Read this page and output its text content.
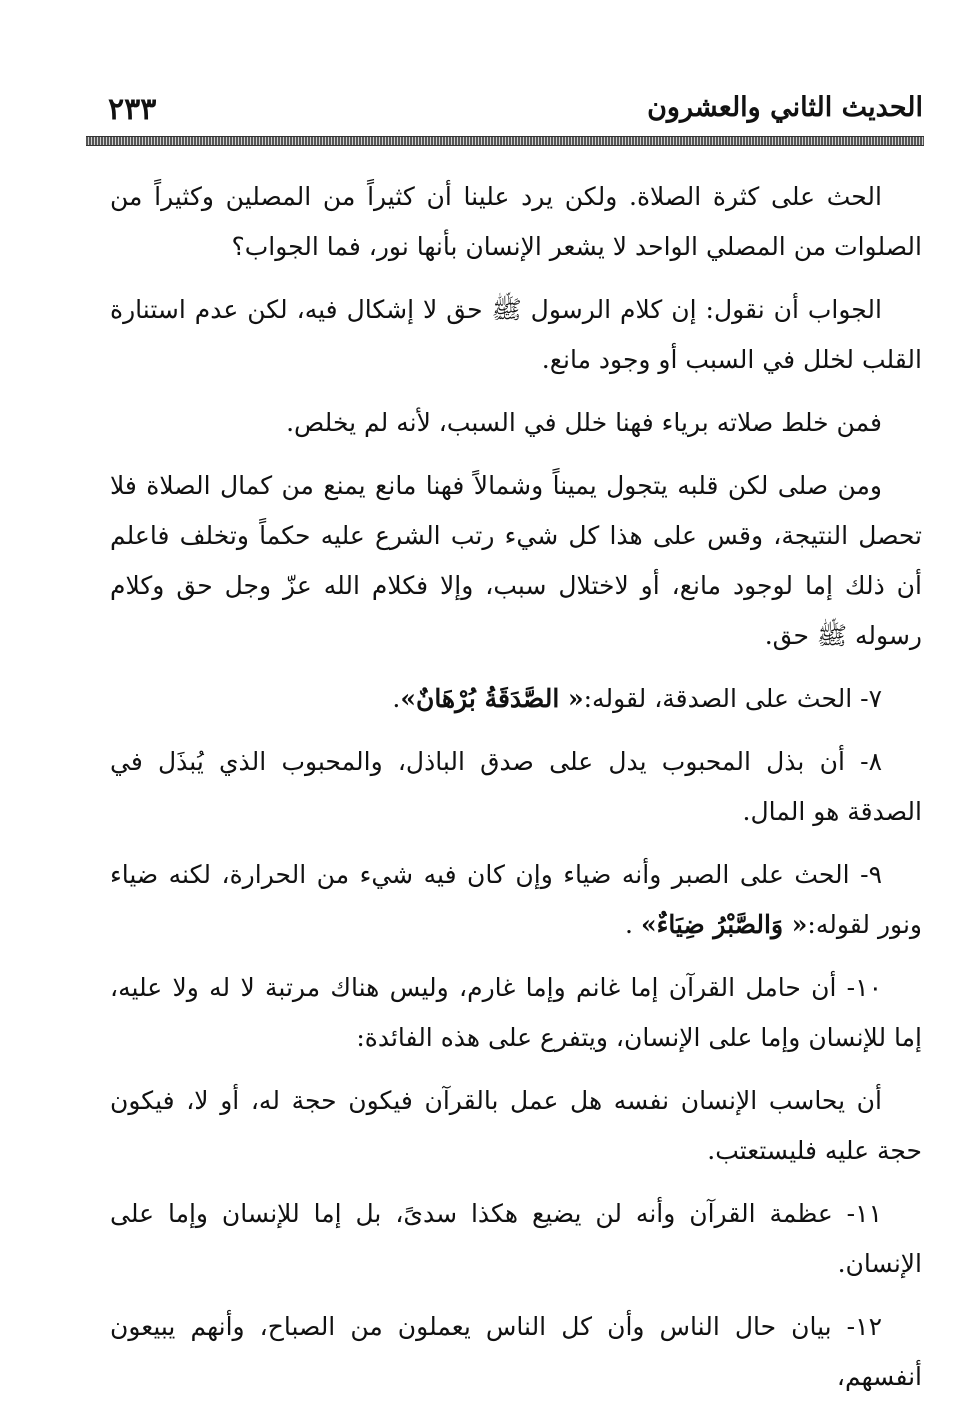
الحديث الثاني والعشرون
٢٣٣

الحث على كثرة الصلاة. ولكن يرد علينا أن كثيراً من المصلين وكثيراً من الصلوات من المصلي الواحد لا يشعر الإنسان بأنها نور، فما الجواب؟

الجواب أن نقول: إن كلام الرسول ﷺ حق لا إشكال فيه، لكن عدم استنارة القلب لخلل في السبب أو وجود مانع.

فمن خلط صلاته برياء فهنا خلل في السبب، لأنه لم يخلص.

ومن صلى لكن قلبه يتجول يميناً وشمالاً فهنا مانع يمنع من كمال الصلاة فلا تحصل النتيجة، وقس على هذا كل شيء رتب الشرع عليه حكماً وتخلف فاعلم أن ذلك إما لوجود مانع، أو لاختلال سبب، وإلا فكلام الله عزّ وجل حق وكلام رسوله ﷺ حق.

٧- الحث على الصدقة، لقوله:« الصَّدَقَةُ بُرْهَانٌ».

٨- أن بذل المحبوب يدل على صدق الباذل، والمحبوب الذي يُبذَل في الصدقة هو المال.

٩- الحث على الصبر وأنه ضياء وإن كان فيه شيء من الحرارة، لكنه ضياء ونور لقوله:« وَالصَّبْرُ ضِيَاءٌ» .

١٠- أن حامل القرآن إما غانم وإما غارم، وليس هناك مرتبة لا له ولا عليه، إما للإنسان وإما على الإنسان، ويتفرع على هذه الفائدة:

أن يحاسب الإنسان نفسه هل عمل بالقرآن فيكون حجة له، أو لا، فيكون حجة عليه فليستعتب.

١١- عظمة القرآن وأنه لن يضيع هكذا سدىً، بل إما للإنسان وإما على الإنسان.

١٢- بيان حال الناس وأن كل الناس يعملون من الصباح، وأنهم يبيعون أنفسهم،
